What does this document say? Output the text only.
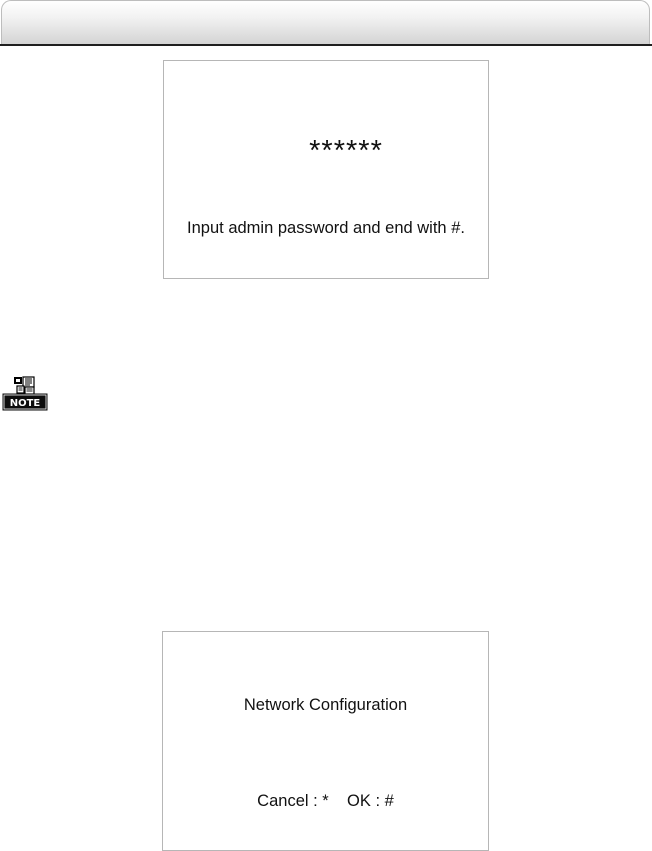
******
Input admin password and end with #.
NOTE
Network Configuration
Cancel : *    OK : #
